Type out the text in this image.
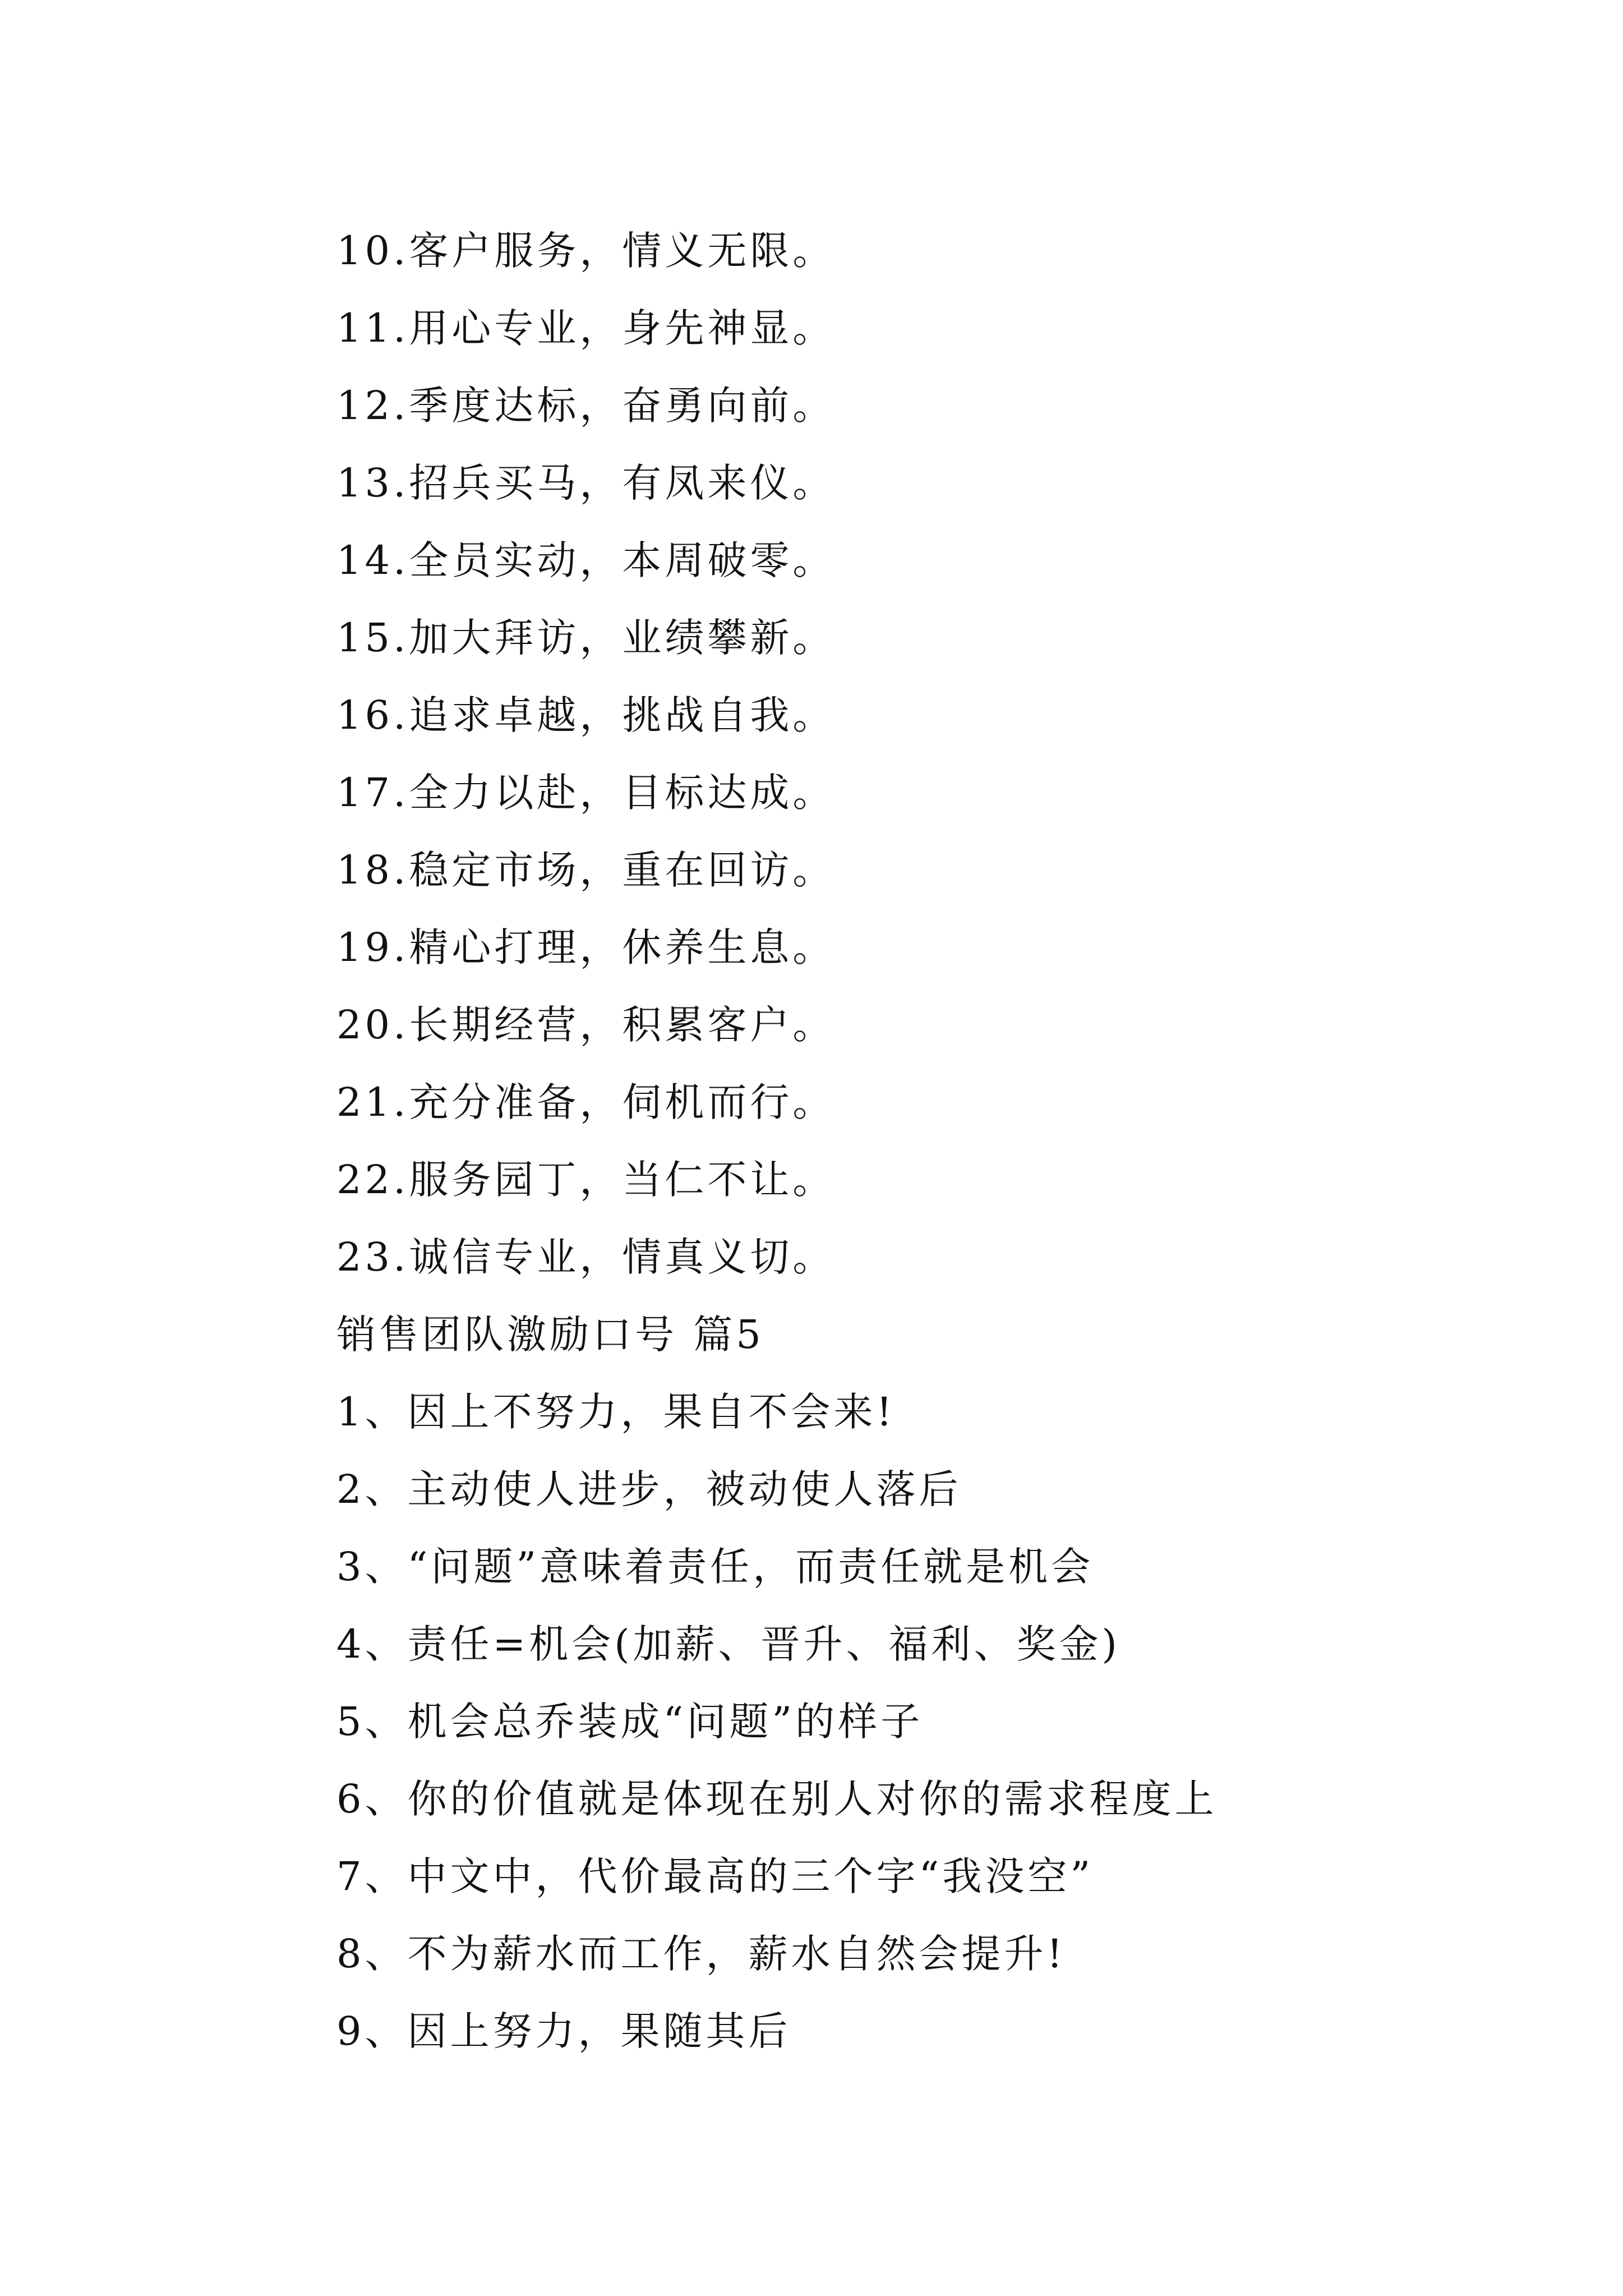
10.客户服务，情义无限。
11.用心专业，身先神显。
12.季度达标，奋勇向前。
13.招兵买马，有凤来仪。
14.全员实动，本周破零。
15.加大拜访，业绩攀新。
16.追求卓越，挑战自我。
17.全力以赴，目标达成。
18.稳定市场，重在回访。
19.精心打理，休养生息。
20.长期经营，积累客户。
21.充分准备，伺机而行。
22.服务园丁，当仁不让。
23.诚信专业，情真义切。
销售团队激励口号 篇5
1、因上不努力，果自不会来!
2、主动使人进步，被动使人落后
3、“问题”意味着责任，而责任就是机会
4、责任=机会(加薪、晋升、福利、奖金)
5、机会总乔装成“问题”的样子
6、你的价值就是体现在别人对你的需求程度上
7、中文中，代价最高的三个字“我没空”
8、不为薪水而工作，薪水自然会提升!
9、因上努力，果随其后
